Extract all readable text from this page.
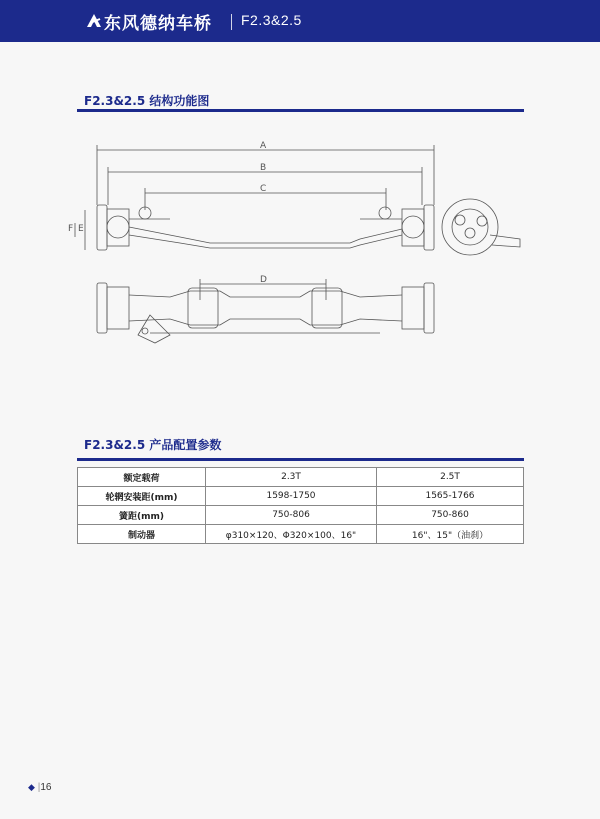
东风德纳车桥 F2.3&2.5
F2.3&2.5 结构功能图
A
B
C
D
E
F
F2.3&2.5 产品配置参数
额定载荷	2.3T	2.5T
轮辋安装距(mm)	1598-1750	1565-1766
簧距(mm)	750-806	750-860
制动器	φ310×120、Φ320×100、16"	16"、15"（油刹）
◆ |16
